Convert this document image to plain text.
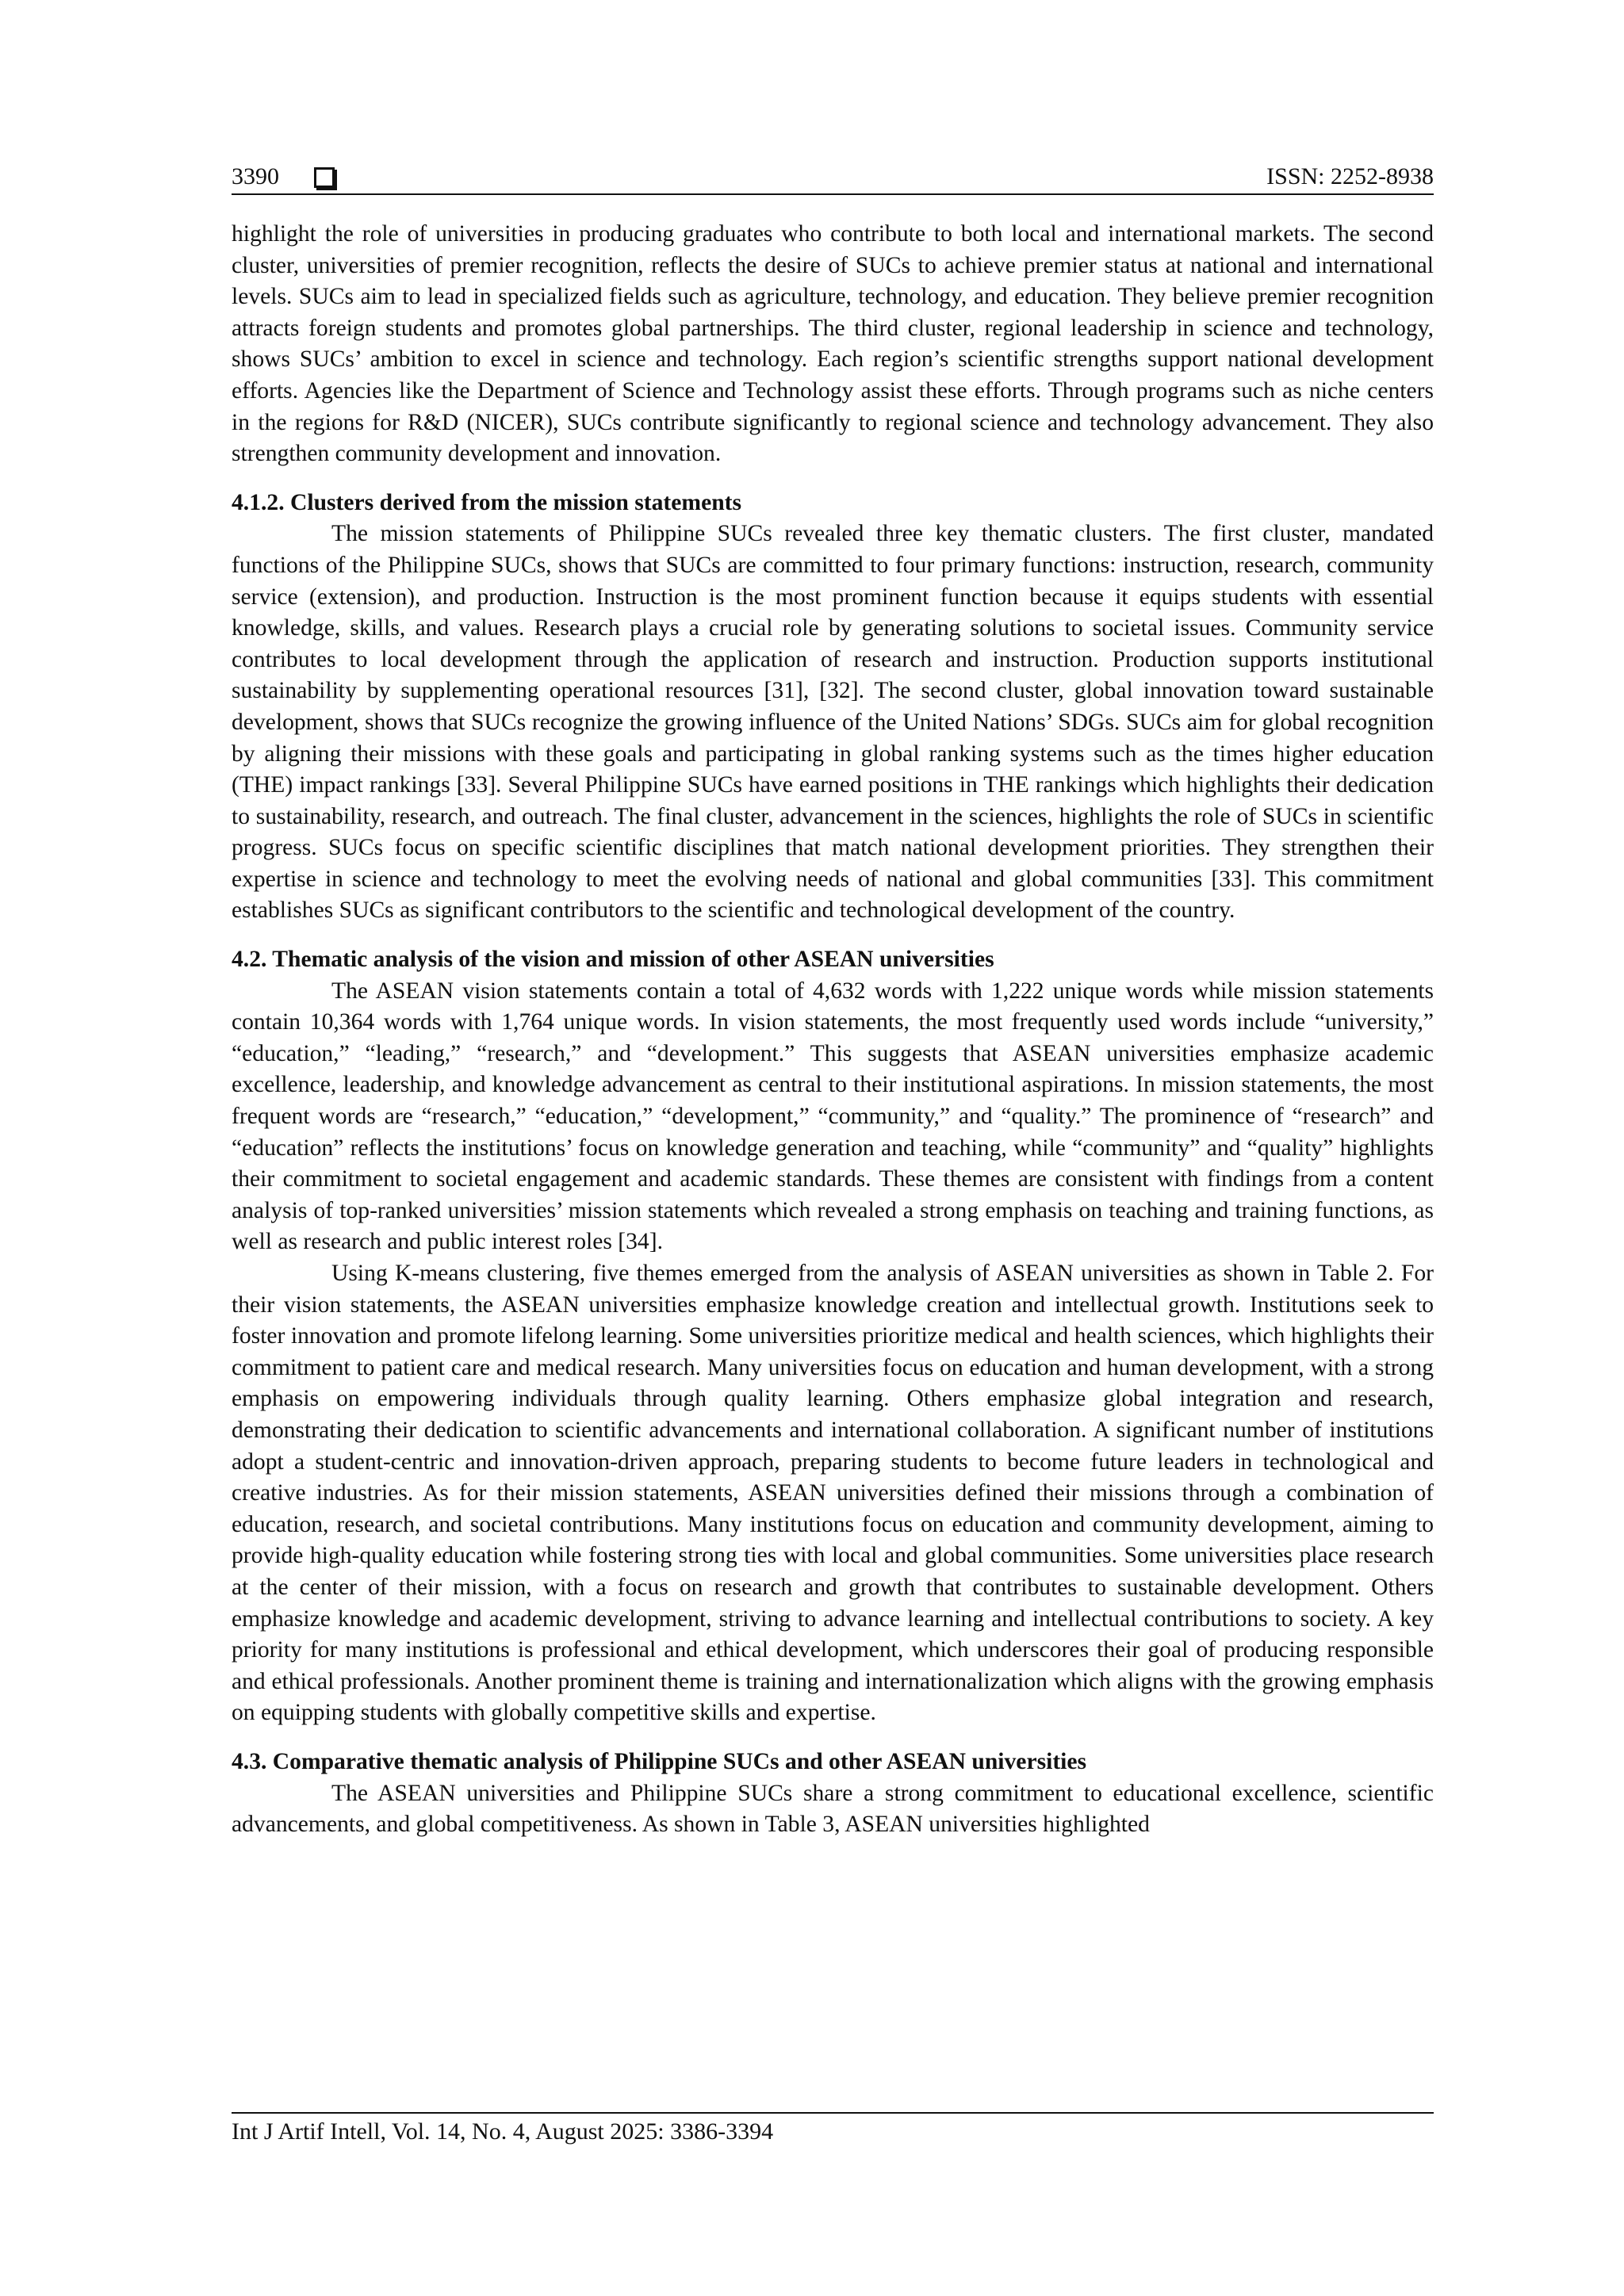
3390	ISSN: 2252-8938

highlight the role of universities in producing graduates who contribute to both local and international markets. The second cluster, universities of premier recognition, reflects the desire of SUCs to achieve premier status at national and international levels. SUCs aim to lead in specialized fields such as agriculture, technology, and education. They believe premier recognition attracts foreign students and promotes global partnerships. The third cluster, regional leadership in science and technology, shows SUCs’ ambition to excel in science and technology. Each region’s scientific strengths support national development efforts. Agencies like the Department of Science and Technology assist these efforts. Through programs such as niche centers in the regions for R&D (NICER), SUCs contribute significantly to regional science and technology advancement. They also strengthen community development and innovation.

4.1.2. Clusters derived from the mission statements

The mission statements of Philippine SUCs revealed three key thematic clusters. The first cluster, mandated functions of the Philippine SUCs, shows that SUCs are committed to four primary functions: instruction, research, community service (extension), and production. Instruction is the most prominent function because it equips students with essential knowledge, skills, and values. Research plays a crucial role by generating solutions to societal issues. Community service contributes to local development through the application of research and instruction. Production supports institutional sustainability by supplementing operational resources [31], [32]. The second cluster, global innovation toward sustainable development, shows that SUCs recognize the growing influence of the United Nations’ SDGs. SUCs aim for global recognition by aligning their missions with these goals and participating in global ranking systems such as the times higher education (THE) impact rankings [33]. Several Philippine SUCs have earned positions in THE rankings which highlights their dedication to sustainability, research, and outreach. The final cluster, advancement in the sciences, highlights the role of SUCs in scientific progress. SUCs focus on specific scientific disciplines that match national development priorities. They strengthen their expertise in science and technology to meet the evolving needs of national and global communities [33]. This commitment establishes SUCs as significant contributors to the scientific and technological development of the country.

4.2. Thematic analysis of the vision and mission of other ASEAN universities

The ASEAN vision statements contain a total of 4,632 words with 1,222 unique words while mission statements contain 10,364 words with 1,764 unique words. In vision statements, the most frequently used words include “university,” “education,” “leading,” “research,” and “development.” This suggests that ASEAN universities emphasize academic excellence, leadership, and knowledge advancement as central to their institutional aspirations. In mission statements, the most frequent words are “research,” “education,” “development,” “community,” and “quality.” The prominence of “research” and “education” reflects the institutions’ focus on knowledge generation and teaching, while “community” and “quality” highlights their commitment to societal engagement and academic standards. These themes are consistent with findings from a content analysis of top-ranked universities’ mission statements which revealed a strong emphasis on teaching and training functions, as well as research and public interest roles [34].

Using K-means clustering, five themes emerged from the analysis of ASEAN universities as shown in Table 2. For their vision statements, the ASEAN universities emphasize knowledge creation and intellectual growth. Institutions seek to foster innovation and promote lifelong learning. Some universities prioritize medical and health sciences, which highlights their commitment to patient care and medical research. Many universities focus on education and human development, with a strong emphasis on empowering individuals through quality learning. Others emphasize global integration and research, demonstrating their dedication to scientific advancements and international collaboration. A significant number of institutions adopt a student-centric and innovation-driven approach, preparing students to become future leaders in technological and creative industries. As for their mission statements, ASEAN universities defined their missions through a combination of education, research, and societal contributions. Many institutions focus on education and community development, aiming to provide high-quality education while fostering strong ties with local and global communities. Some universities place research at the center of their mission, with a focus on research and growth that contributes to sustainable development. Others emphasize knowledge and academic development, striving to advance learning and intellectual contributions to society. A key priority for many institutions is professional and ethical development, which underscores their goal of producing responsible and ethical professionals. Another prominent theme is training and internationalization which aligns with the growing emphasis on equipping students with globally competitive skills and expertise.

4.3. Comparative thematic analysis of Philippine SUCs and other ASEAN universities

The ASEAN universities and Philippine SUCs share a strong commitment to educational excellence, scientific advancements, and global competitiveness. As shown in Table 3, ASEAN universities highlighted

Int J Artif Intell, Vol. 14, No. 4, August 2025: 3386-3394
